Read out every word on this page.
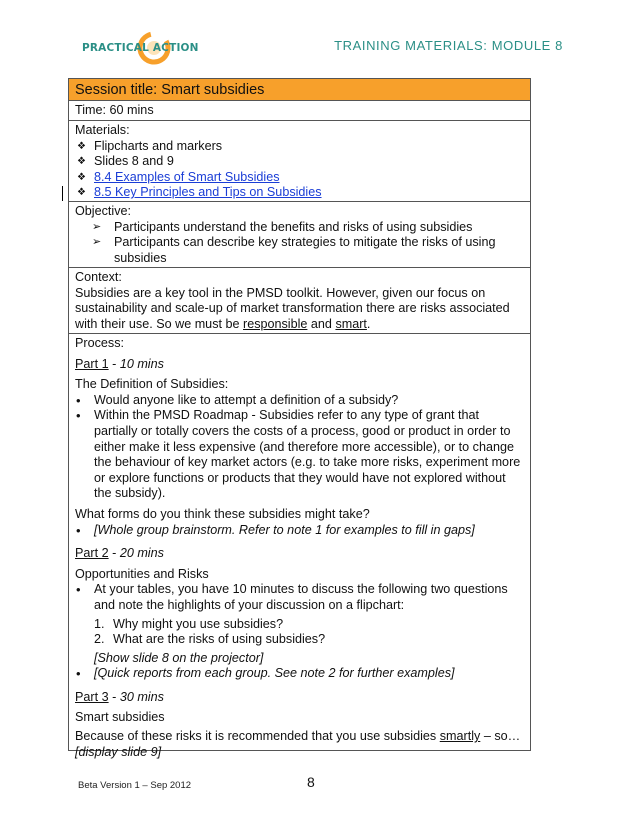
PRACTICAL ACTION	TRAINING MATERIALS: MODULE 8
Session title: Smart subsidies
Time: 60 mins
Materials:
❖ Flipcharts and markers
❖ Slides 8 and 9
❖ 8.4 Examples of Smart Subsidies
❖ 8.5 Key Principles and Tips on Subsidies
Objective:
➢ Participants understand the benefits and risks of using subsidies
➢ Participants can describe key strategies to mitigate the risks of using subsidies
Context:
Subsidies are a key tool in the PMSD toolkit. However, given our focus on sustainability and scale-up of market transformation there are risks associated with their use. So we must be responsible and smart.
Process:
Part 1 - 10 mins
The Definition of Subsidies:
• Would anyone like to attempt a definition of a subsidy?
• Within the PMSD Roadmap - Subsidies refer to any type of grant that partially or totally covers the costs of a process, good or product in order to either make it less expensive (and therefore more accessible), or to change the behaviour of key market actors (e.g. to take more risks, experiment more or explore functions or products that they would have not explored without the subsidy).
What forms do you think these subsidies might take?
• [Whole group brainstorm. Refer to note 1 for examples to fill in gaps]
Part 2 - 20 mins
Opportunities and Risks
• At your tables, you have 10 minutes to discuss the following two questions and note the highlights of your discussion on a flipchart:
1. Why might you use subsidies?
2. What are the risks of using subsidies?
[Show slide 8 on the projector]
• [Quick reports from each group. See note 2 for further examples]
Part 3 - 30 mins
Smart subsidies
Because of these risks it is recommended that you use subsidies smartly – so…
[display slide 9]
Beta Version 1 – Sep 2012	8
